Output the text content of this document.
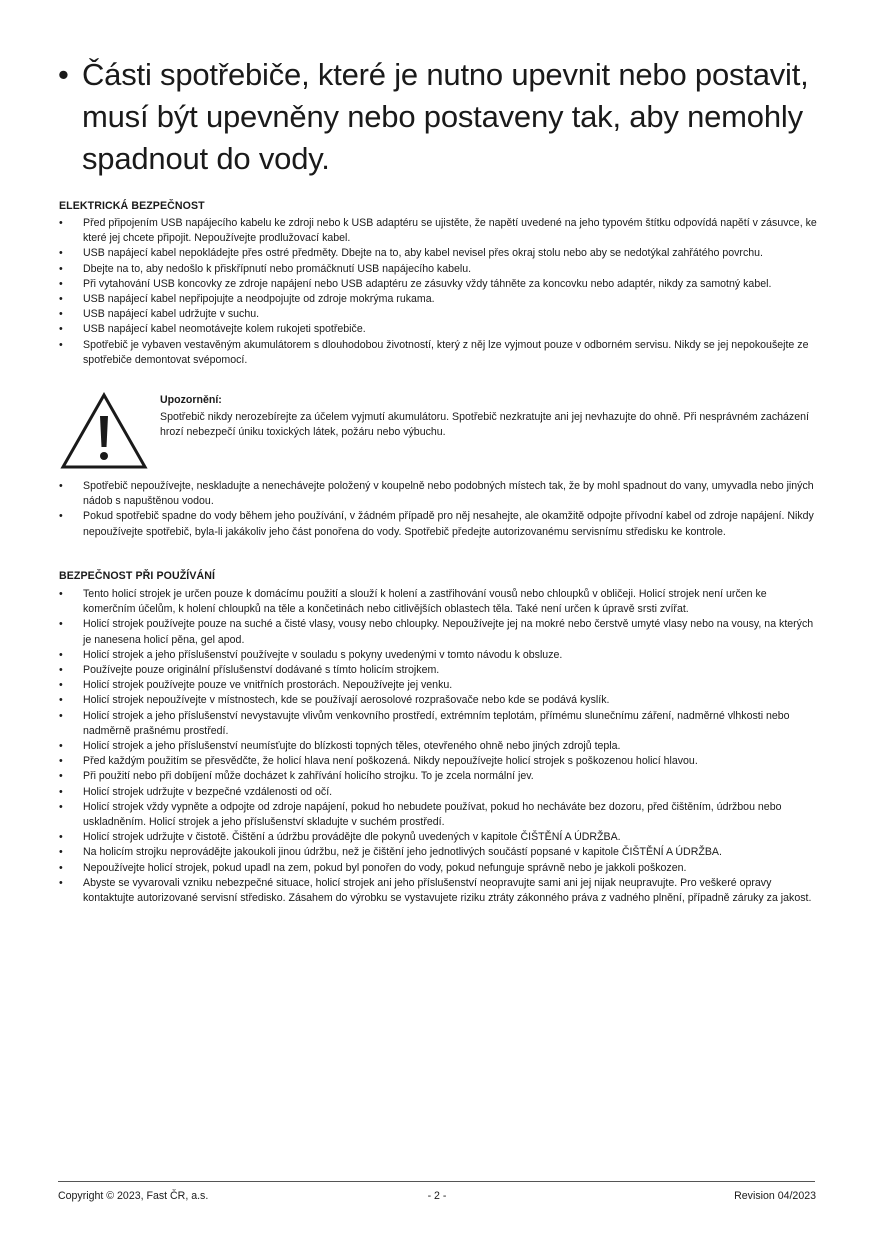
• Části spotřebiče, které je nutno upevnit nebo postavit, musí být upevněny nebo postaveny tak, aby nemohly spadnout do vody.
ELEKTRICKÁ BEZPEČNOST
• Před připojením USB napájecího kabelu ke zdroji nebo k USB adaptéru se ujistěte, že napětí uvedené na jeho typovém štítku odpovídá napětí v zásuvce, ke které jej chcete připojit. Nepoužívejte prodlužovací kabel.
• USB napájecí kabel nepokládejte přes ostré předměty. Dbejte na to, aby kabel nevisel přes okraj stolu nebo aby se nedotýkal zahřátého povrchu.
• Dbejte na to, aby nedošlo k přiskřípnutí nebo promáčknutí USB napájecího kabelu.
• Při vytahování USB koncovky ze zdroje napájení nebo USB adaptéru ze zásuvky vždy táhněte za koncovku nebo adaptér, nikdy za samotný kabel.
• USB napájecí kabel nepřipojujte a neodpojujte od zdroje mokrýma rukama.
• USB napájecí kabel udržujte v suchu.
• USB napájecí kabel neomotávejte kolem rukojeti spotřebiče.
• Spotřebič je vybaven vestavěným akumulátorem s dlouhodobou životností, který z něj lze vyjmout pouze v odborném servisu. Nikdy se jej nepokoušejte ze spotřebiče demontovat svépomocí.
Upozornění:
Spotřebič nikdy nerozebírejte za účelem vyjmutí akumulátoru. Spotřebič nezkratujte ani jej nevhazujte do ohně. Při nesprávném zacházení hrozí nebezpečí úniku toxických látek, požáru nebo výbuchu.
• Spotřebič nepoužívejte, neskladujte a nenechávejte položený v koupelně nebo podobných místech tak, že by mohl spadnout do vany, umyvadla nebo jiných nádob s napuštěnou vodou.
• Pokud spotřebič spadne do vody během jeho používání, v žádném případě pro něj nesahejte, ale okamžitě odpojte přívodní kabel od zdroje napájení. Nikdy nepoužívejte spotřebič, byla-li jakákoliv jeho část ponořena do vody. Spotřebič předejte autorizovanému servisnímu středisku ke kontrole.
BEZPEČNOST PŘI POUŽÍVÁNÍ
• Tento holicí strojek je určen pouze k domácímu použití a slouží k holení a zastřihování vousů nebo chloupků v obličeji. Holicí strojek není určen ke komerčním účelům, k holení chloupků na těle a končetinách nebo citlivějších oblastech těla. Také není určen k úpravě srsti zvířat.
• Holicí strojek používejte pouze na suché a čisté vlasy, vousy nebo chloupky. Nepoužívejte jej na mokré nebo čerstvě umyté vlasy nebo na vousy, na kterých je nanesena holicí pěna, gel apod.
• Holicí strojek a jeho příslušenství používejte v souladu s pokyny uvedenými v tomto návodu k obsluze.
• Používejte pouze originální příslušenství dodávané s tímto holicím strojkem.
• Holicí strojek používejte pouze ve vnitřních prostorách. Nepoužívejte jej venku.
• Holicí strojek nepoužívejte v místnostech, kde se používají aerosolové rozprašovače nebo kde se podává kyslík.
• Holicí strojek a jeho příslušenství nevystavujte vlivům venkovního prostředí, extrémním teplotám, přímému slunečnímu záření, nadměrné vlhkosti nebo nadměrně prašnému prostředí.
• Holicí strojek a jeho příslušenství neumísťujte do blízkosti topných těles, otevřeného ohně nebo jiných zdrojů tepla.
• Před každým použitím se přesvědčte, že holicí hlava není poškozená. Nikdy nepoužívejte holicí strojek s poškozenou holicí hlavou.
• Při použití nebo při dobíjení může docházet k zahřívání holicího strojku. To je zcela normální jev.
• Holicí strojek udržujte v bezpečné vzdálenosti od očí.
• Holicí strojek vždy vypněte a odpojte od zdroje napájení, pokud ho nebudete používat, pokud ho necháváte bez dozoru, před čištěním, údržbou nebo uskladněním. Holicí strojek a jeho příslušenství skladujte v suchém prostředí.
• Holicí strojek udržujte v čistotě. Čištění a údržbu provádějte dle pokynů uvedených v kapitole ČIŠTĚNÍ A ÚDRŽBA.
• Na holicím strojku neprovádějte jakoukoli jinou údržbu, než je čištění jeho jednotlivých součástí popsané v kapitole ČIŠTĚNÍ A ÚDRŽBA.
• Nepoužívejte holicí strojek, pokud upadl na zem, pokud byl ponořen do vody, pokud nefunguje správně nebo je jakkoli poškozen.
• Abyste se vyvarovali vzniku nebezpečné situace, holicí strojek ani jeho příslušenství neopravujte sami ani jej nijak neupravujte. Pro veškeré opravy kontaktujte autorizované servisní středisko. Zásahem do výrobku se vystavujete riziku ztráty zákonného práva z vadného plnění, případně záruky za jakost.
Copyright © 2023, Fast ČR, a.s.	- 2 -	Revision 04/2023
